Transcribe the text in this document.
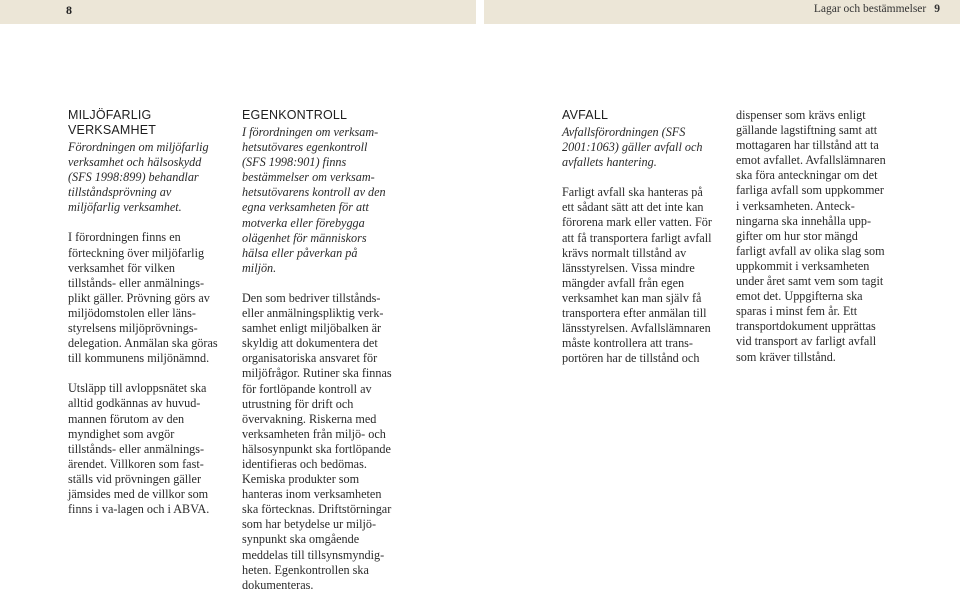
8	Lagar och bestämmelser 9
MILJÖFARLIG
VERKSAMHET

Förordningen om miljöfarlig
verksamhet och hälsoskydd
(SFS 1998:899) behandlar
tillståndsprövning av
miljöfarlig verksamhet.

I förordningen finns en
förteckning över miljöfarlig
verksamhet för vilken
tillstånds- eller anmälnings-
plikt gäller. Prövning görs av
miljödomstolen eller läns-
styrelsens miljöprövnings-
delegation. Anmälan ska göras
till kommunens miljönämnd.

Utsläpp till avloppsnätet ska
alltid godkännas av huvud-
mannen förutom av den
myndighet som avgör
tillstånds- eller anmälnings-
ärendet. Villkoren som fast-
ställs vid prövningen gäller
jämsides med de villkor som
finns i va-lagen och i ABVA.

EGENKONTROLL

I förordningen om verksam-
hetsutövares egenkontroll
(SFS 1998:901) finns
bestämmelser om verksam-
hetsutövarens kontroll av den
egna verksamheten för att
motverka eller förebygga
olägenhet för människors
hälsa eller påverkan på
miljön.

Den som bedriver tillstånds-
eller anmälningspliktig verk-
samhet enligt miljöbalken är
skyldig att dokumentera det
organisatoriska ansvaret för
miljöfrågor. Rutiner ska finnas
för fortlöpande kontroll av
utrustning för drift och
övervakning. Riskerna med
verksamheten från miljö- och
hälsosynpunkt ska fortlöpande
identifieras och bedömas.
Kemiska produkter som
hanteras inom verksamheten
ska förtecknas. Driftstörningar
som har betydelse ur miljö-
synpunkt ska omgående
meddelas till tillsynsmyndig-
heten. Egenkontrollen ska
dokumenteras.

AVFALL

Avfallsförordningen (SFS
2001:1063) gäller avfall och
avfallets hantering.

Farligt avfall ska hanteras på
ett sådant sätt att det inte kan
förorena mark eller vatten. För
att få transportera farligt avfall
krävs normalt tillstånd av
länsstyrelsen. Vissa mindre
mängder avfall från egen
verksamhet kan man själv få
transportera efter anmälan till
länsstyrelsen. Avfallslämnaren
måste kontrollera att trans-
portören har de tillstånd och

dispenser som krävs enligt
gällande lagstiftning samt att
mottagaren har tillstånd att ta
emot avfallet. Avfallslämnaren
ska föra anteckningar om det
farliga avfall som uppkommer
i verksamheten. Anteck-
ningarna ska innehålla upp-
gifter om hur stor mängd
farligt avfall av olika slag som
uppkommit i verksamheten
under året samt vem som tagit
emot det. Uppgifterna ska
sparas i minst fem år. Ett
transportdokument upprättas
vid transport av farligt avfall
som kräver tillstånd.
